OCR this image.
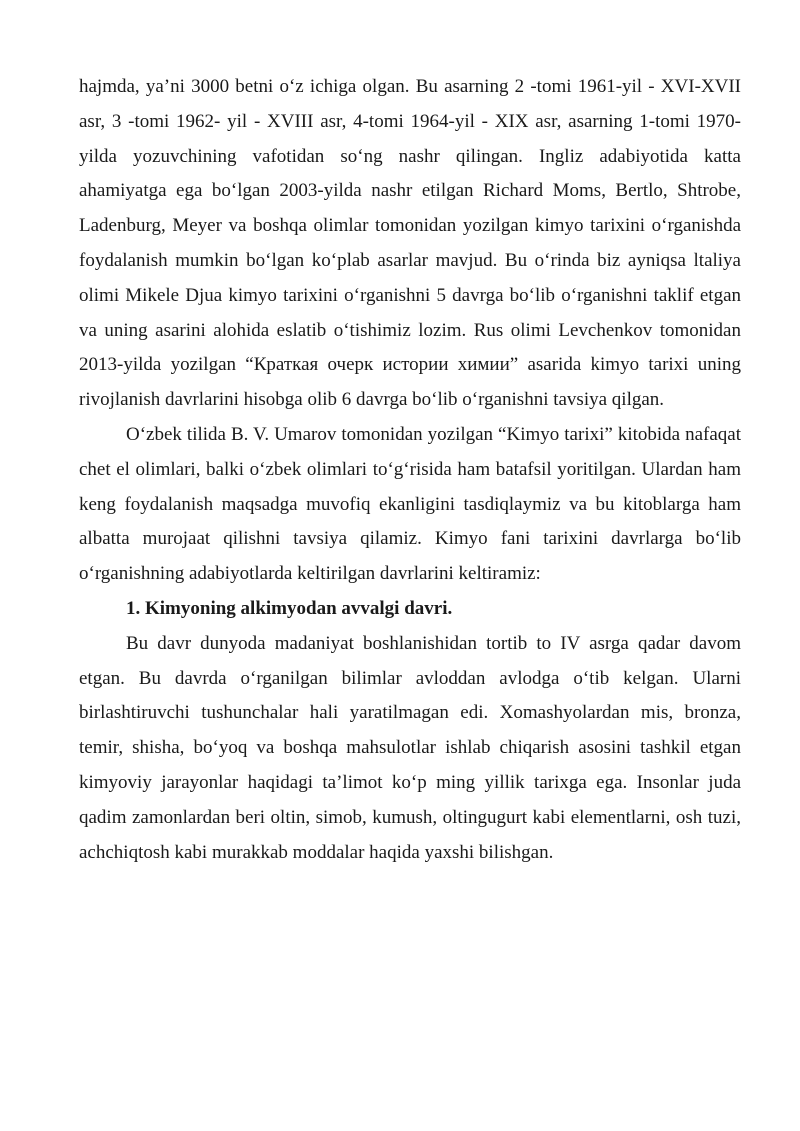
hajmda, ya’ni 3000 betni o‘z ichiga olgan. Bu asarning 2 -tomi 1961-yil - XVI-XVII asr, 3 -tomi 1962- yil - XVIII asr, 4-tomi 1964-yil - XIX asr, asarning 1-tomi 1970- yilda yozuvchining vafotidan so‘ng nashr qilingan. Ingliz adabiyotida katta ahamiyatga ega bo‘lgan 2003-yilda nashr etilgan Richard Moms, Bertlo, Shtrobe, Ladenburg, Meyer va boshqa olimlar tomonidan yozilgan kimyo tarixini o‘rganishda foydalanish mumkin bo‘lgan ko‘plab asarlar mavjud. Bu o‘rinda biz ayniqsa ltaliya olimi Mikele Djua kimyo tarixini o‘rganishni 5 davrga bo‘lib o‘rganishni taklif etgan va uning asarini alohida eslatib o‘tishimiz lozim. Rus olimi Levchenkov tomonidan 2013-yilda yozilgan “Краткая очерк истории химии” asarida kimyo tarixi uning rivojlanish davrlarini hisobga olib 6 davrga bo‘lib o‘rganishni tavsiya qilgan.

O‘zbek tilida B. V. Umarov tomonidan yozilgan “Kimyo tarixi” kitobida nafaqat chet el olimlari, balki o‘zbek olimlari to‘g‘risida ham batafsil yoritilgan. Ulardan ham keng foydalanish maqsadga muvofiq ekanligini tasdiqlaymiz va bu kitoblarga ham albatta murojaat qilishni tavsiya qilamiz. Kimyo fani tarixini davrlarga bo‘lib o‘rganishning adabiyotlarda keltirilgan davrlarini keltiramiz:

1. Kimyoning alkimyodan avvalgi davri.

Bu davr dunyoda madaniyat boshlanishidan tortib to IV asrga qadar davom etgan. Bu davrda o‘rganilgan bilimlar avloddan avlodga o‘tib kelgan. Ularni birlashtiruvchi tushunchalar hali yaratilmagan edi. Xomashyolardan mis, bronza, temir, shisha, bo‘yoq va boshqa mahsulotlar ishlab chiqarish asosini tashkil etgan kimyoviy jarayonlar haqidagi ta’limot ko‘p ming yillik tarixga ega. Insonlar juda qadim zamonlardan beri oltin, simob, kumush, oltingugurt kabi elementlarni, osh tuzi, achchiqtosh kabi murakkab moddalar haqida yaxshi bilishgan.
